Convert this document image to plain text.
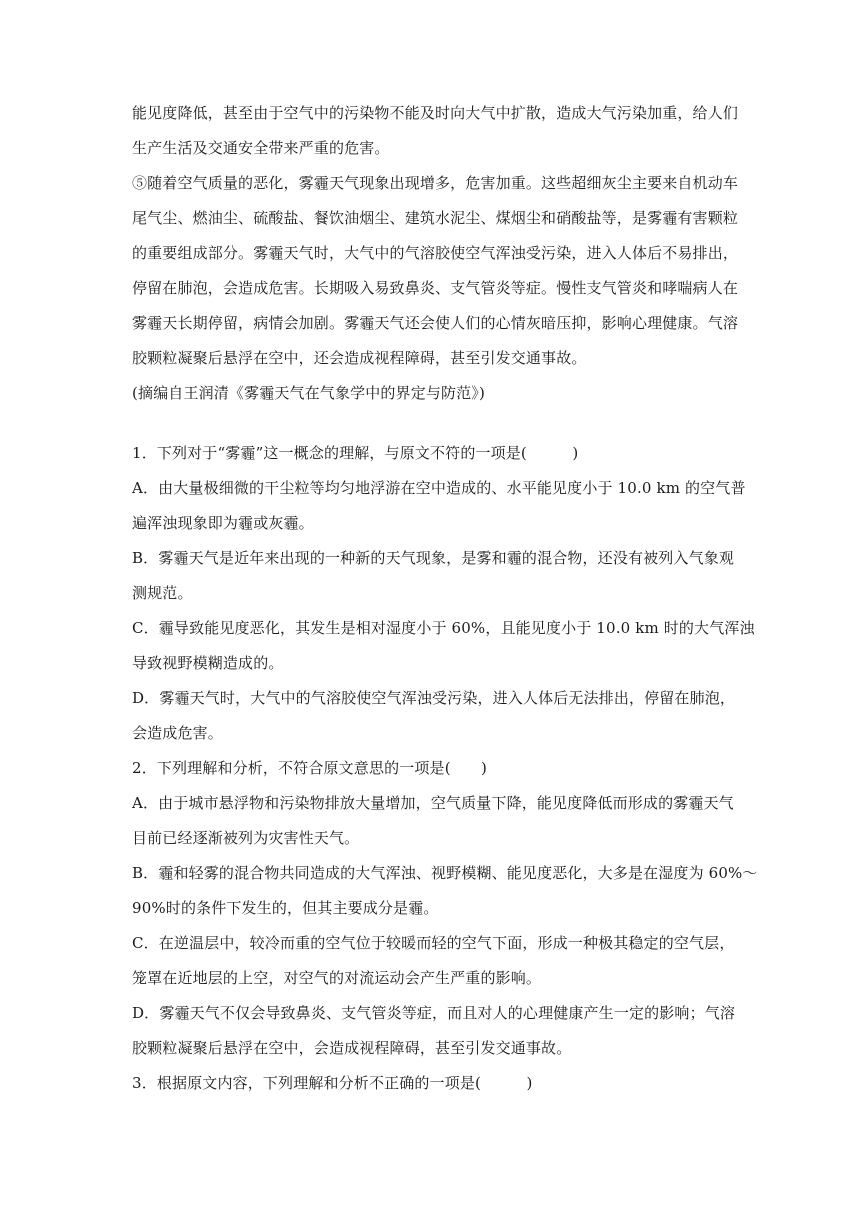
能见度降低，甚至由于空气中的污染物不能及时向大气中扩散，造成大气污染加重，给人们
生产生活及交通安全带来严重的危害。
⑤随着空气质量的恶化，雾霾天气现象出现增多，危害加重。这些超细灰尘主要来自机动车
尾气尘、燃油尘、硫酸盐、餐饮油烟尘、建筑水泥尘、煤烟尘和硝酸盐等，是雾霾有害颗粒
的重要组成部分。雾霾天气时，大气中的气溶胶使空气浑浊受污染，进入人体后不易排出，
停留在肺泡，会造成危害。长期吸入易致鼻炎、支气管炎等症。慢性支气管炎和哮喘病人在
雾霾天长期停留，病情会加剧。雾霾天气还会使人们的心情灰暗压抑，影响心理健康。气溶
胶颗粒凝聚后悬浮在空中，还会造成视程障碍，甚至引发交通事故。
(摘编自王润清《雾霾天气在气象学中的界定与防范》)
1．下列对于“雾霾”这一概念的理解，与原文不符的一项是(　　　)
A．由大量极细微的干尘粒等均匀地浮游在空中造成的、水平能见度小于 10.0 km 的空气普
遍浑浊现象即为霾或灰霾。
B．雾霾天气是近年来出现的一种新的天气现象，是雾和霾的混合物，还没有被列入气象观
测规范。
C．霾导致能见度恶化，其发生是相对湿度小于 60%，且能见度小于 10.0 km 时的大气浑浊
导致视野模糊造成的。
D．雾霾天气时，大气中的气溶胶使空气浑浊受污染，进入人体后无法排出，停留在肺泡，
会造成危害。
2．下列理解和分析，不符合原文意思的一项是(　　)
A．由于城市悬浮物和污染物排放大量增加，空气质量下降，能见度降低而形成的雾霾天气
目前已经逐渐被列为灾害性天气。
B．霾和轻雾的混合物共同造成的大气浑浊、视野模糊、能见度恶化，大多是在湿度为 60%～
90%时的条件下发生的，但其主要成分是霾。
C．在逆温层中，较冷而重的空气位于较暖而轻的空气下面，形成一种极其稳定的空气层，
笼罩在近地层的上空，对空气的对流运动会产生严重的影响。
D．雾霾天气不仅会导致鼻炎、支气管炎等症，而且对人的心理健康产生一定的影响；气溶
胶颗粒凝聚后悬浮在空中，会造成视程障碍，甚至引发交通事故。
3．根据原文内容，下列理解和分析不正确的一项是(　　　)
